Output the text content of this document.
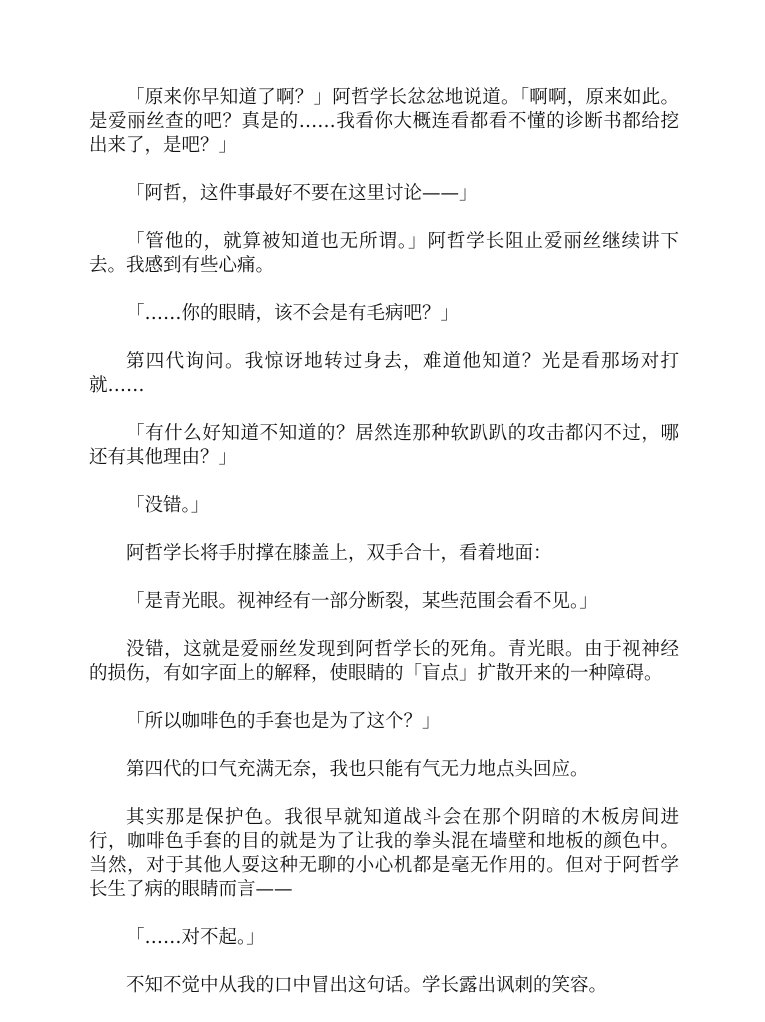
「原来你早知道了啊？」阿哲学长忿忿地说道。「啊啊，原来如此。是爱丽丝查的吧？真是的……我看你大概连看都看不懂的诊断书都给挖出来了，是吧？」

「阿哲，这件事最好不要在这里讨论——」

「管他的，就算被知道也无所谓。」阿哲学长阻止爱丽丝继续讲下去。我感到有些心痛。

「……你的眼睛，该不会是有毛病吧？」

第四代询问。我惊讶地转过身去，难道他知道？光是看那场对打就……

「有什么好知道不知道的？居然连那种软趴趴的攻击都闪不过，哪还有其他理由？」

「没错。」

阿哲学长将手肘撑在膝盖上，双手合十，看着地面：

「是青光眼。视神经有一部分断裂，某些范围会看不见。」

没错，这就是爱丽丝发现到阿哲学长的死角。青光眼。由于视神经的损伤，有如字面上的解释，使眼睛的「盲点」扩散开来的一种障碍。

「所以咖啡色的手套也是为了这个？」

第四代的口气充满无奈，我也只能有气无力地点头回应。

其实那是保护色。我很早就知道战斗会在那个阴暗的木板房间进行，咖啡色手套的目的就是为了让我的拳头混在墙壁和地板的颜色中。当然，对于其他人耍这种无聊的小心机都是毫无作用的。但对于阿哲学长生了病的眼睛而言——

「……对不起。」

不知不觉中从我的口中冒出这句话。学长露出讽刺的笑容。
